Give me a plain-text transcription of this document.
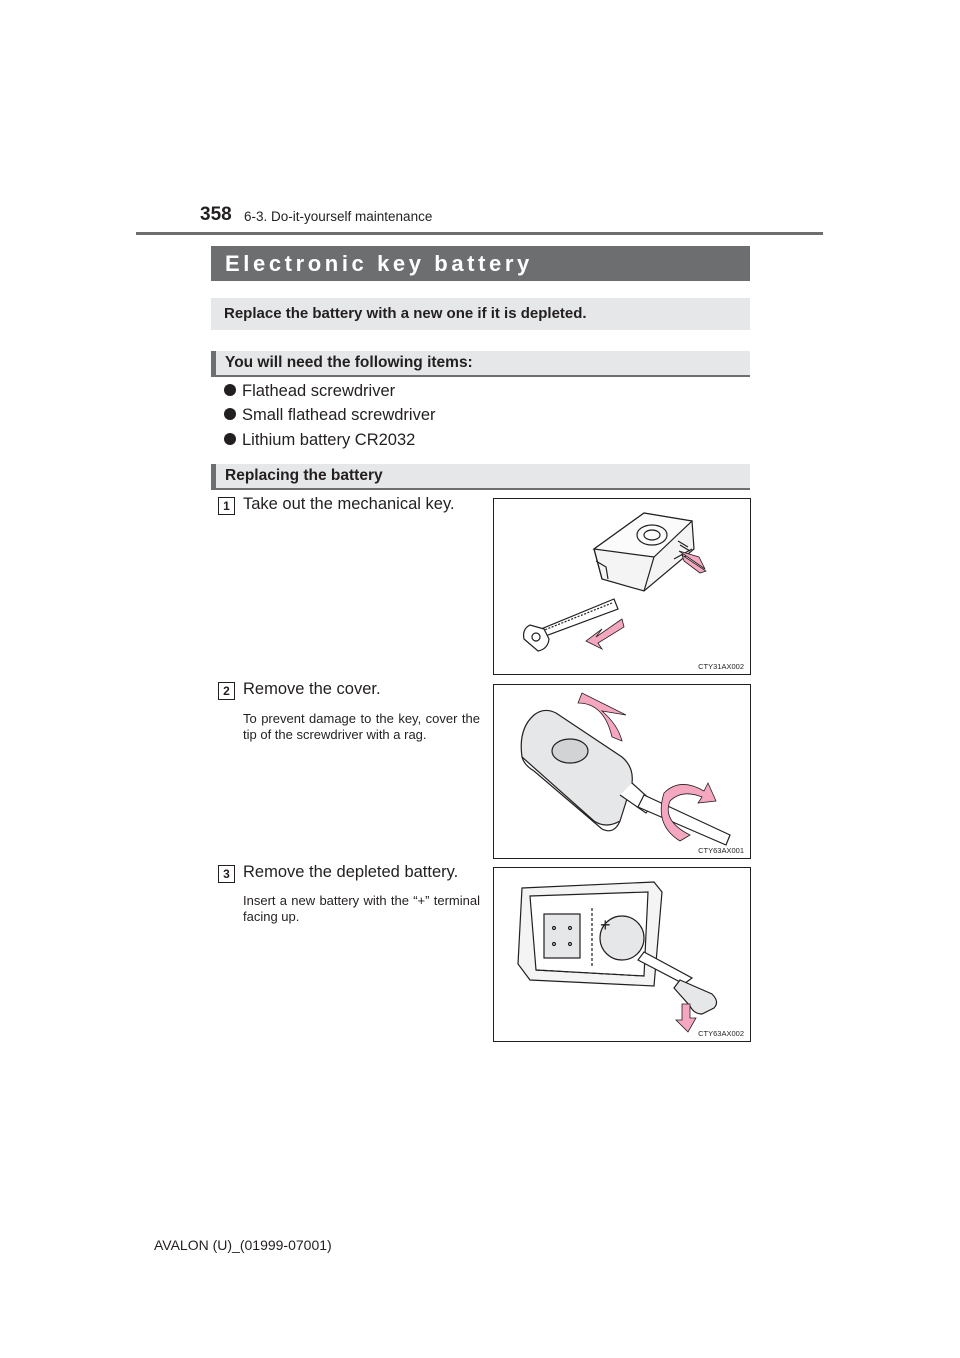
358 6-3. Do-it-yourself maintenance
Electronic key battery
Replace the battery with a new one if it is depleted.
You will need the following items:
Flathead screwdriver
Small flathead screwdriver
Lithium battery CR2032
Replacing the battery
1 Take out the mechanical key.
CTY31AX002
2 Remove the cover.
To prevent damage to the key, cover the tip of the screwdriver with a rag.
CTY63AX001
3 Remove the depleted battery.
Insert a new battery with the “+” terminal facing up.	+
CTY63AX002
AVALON (U)_(01999-07001)
